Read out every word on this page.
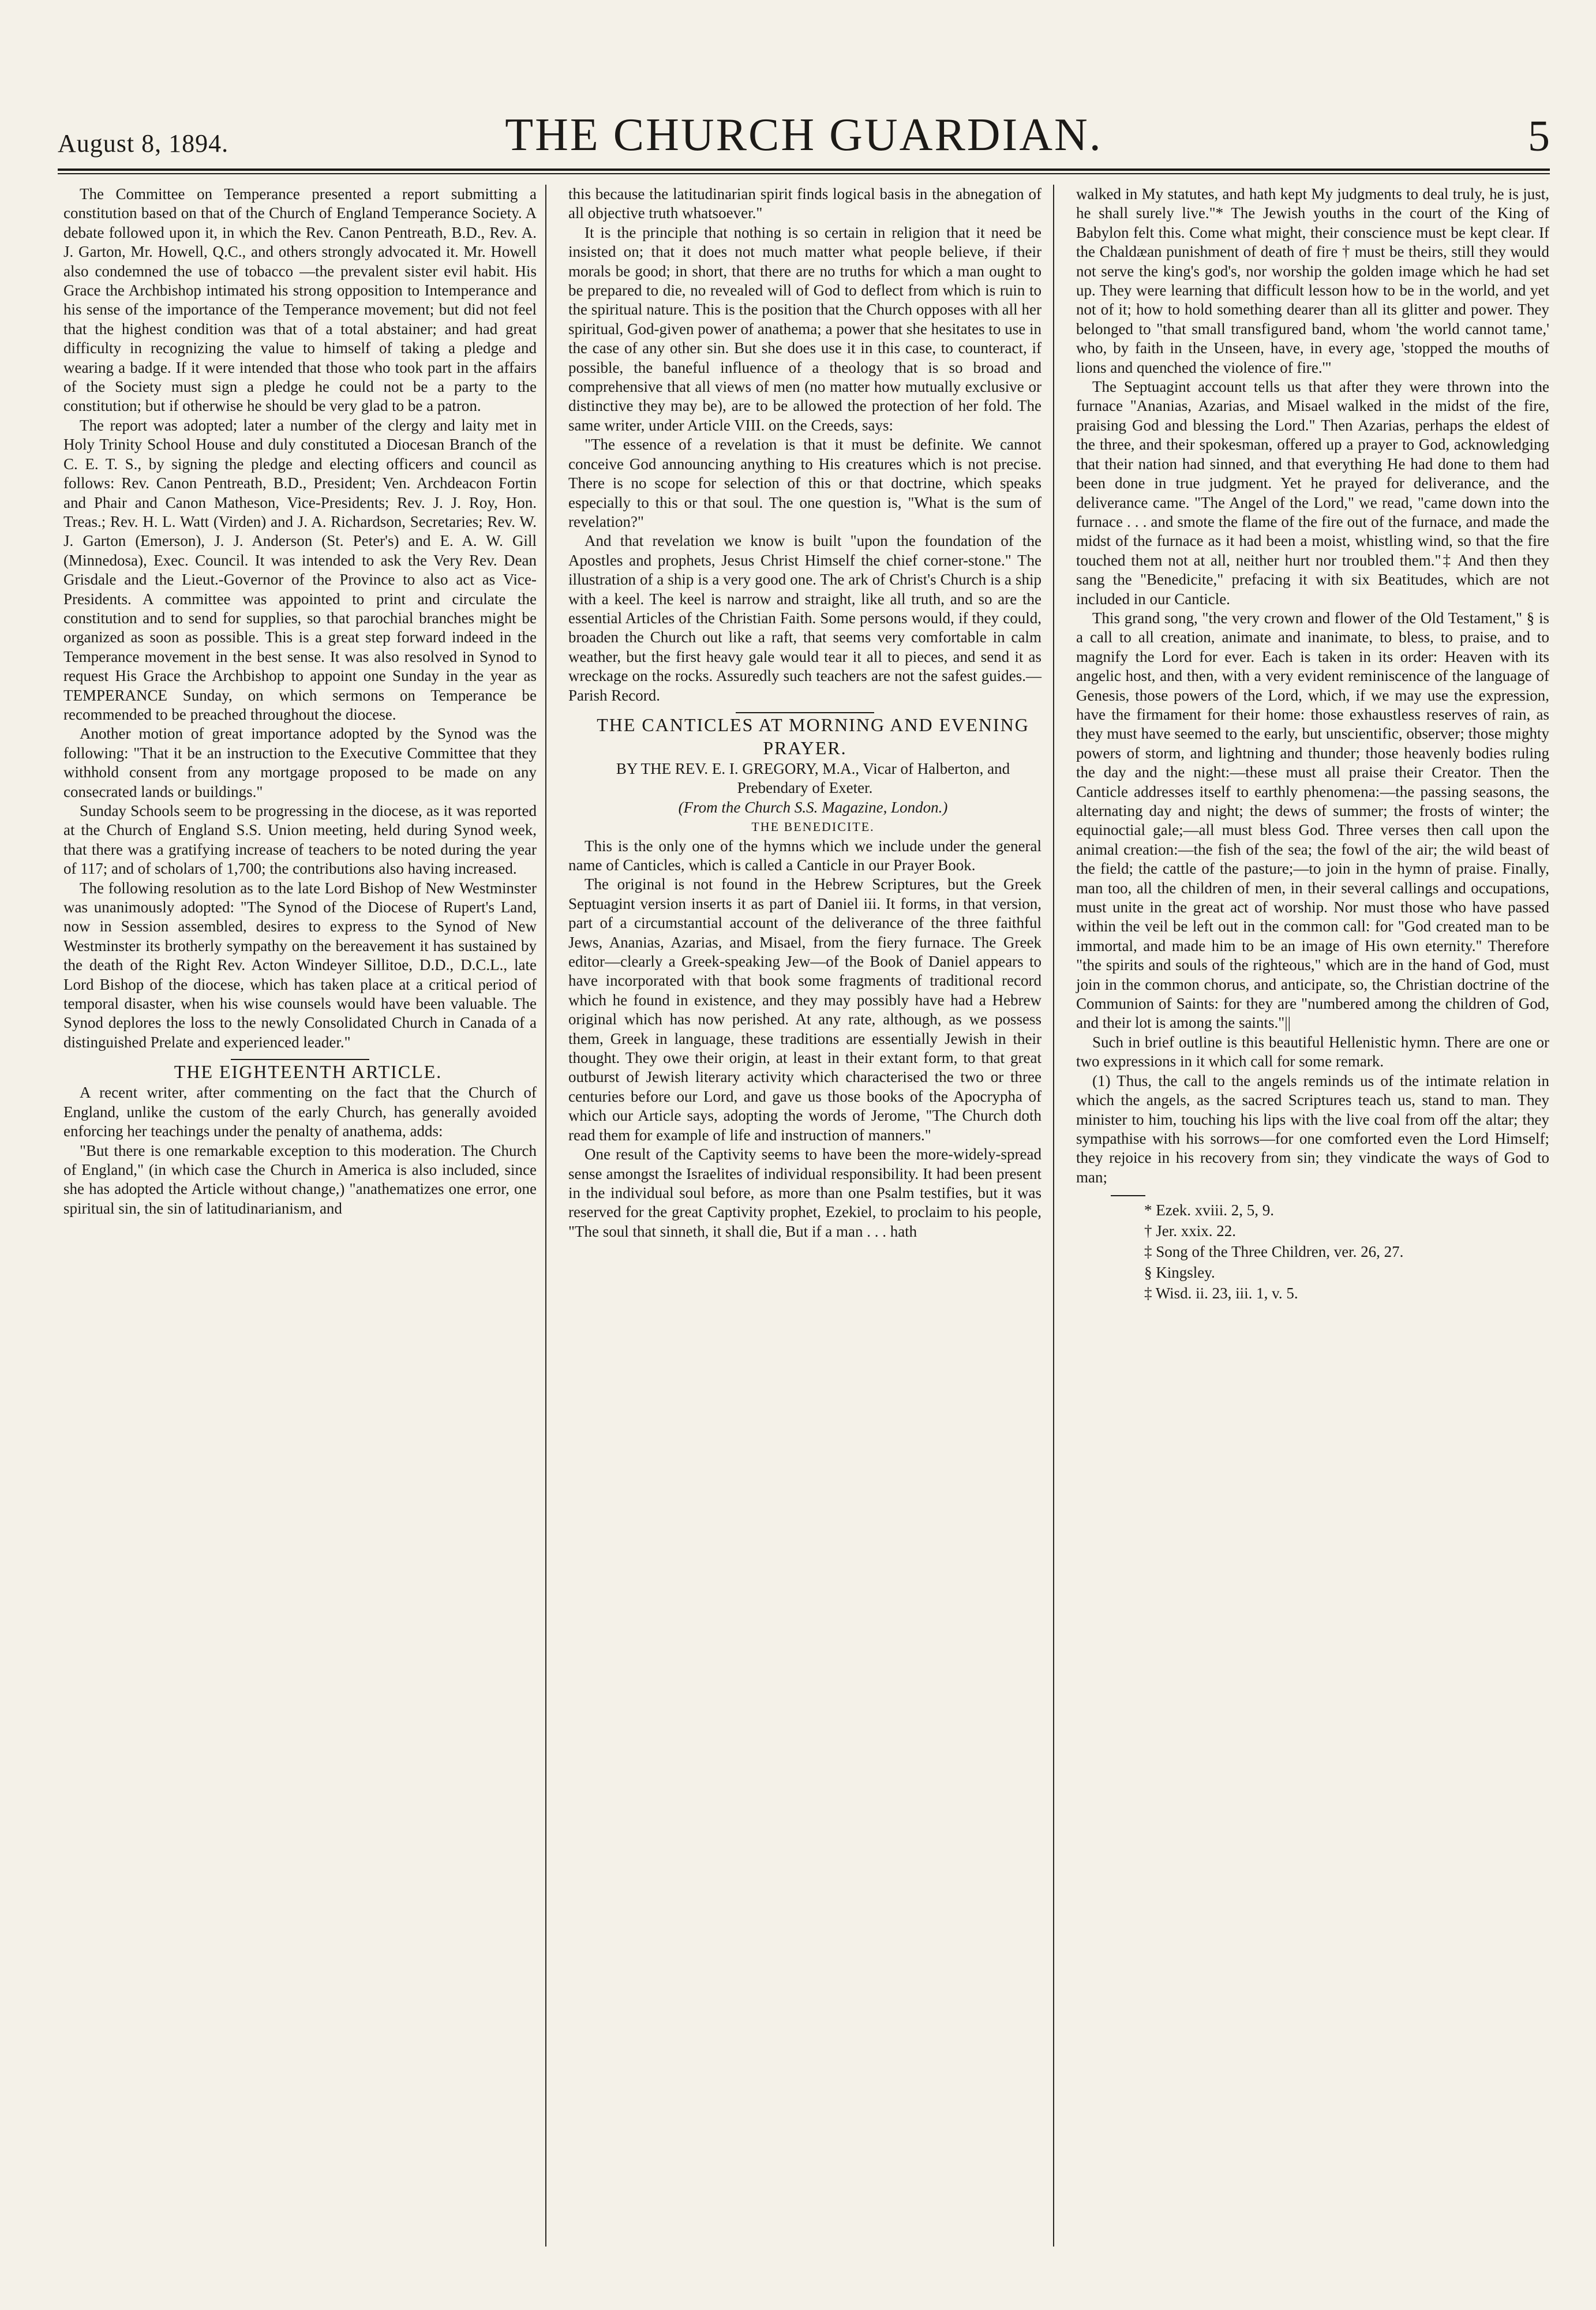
August 8, 1894.	THE CHURCH GUARDIAN.	5

The Committee on Temperance presented a report submitting a constitution based on that of the Church of England Temperance Society. A debate followed upon it, in which the Rev. Canon Pentreath, B.D., Rev. A. J. Garton, Mr. Howell, Q.C., and others strongly advocated it. Mr. Howell also condemned the use of tobacco —the prevalent sister evil habit. His Grace the Archbishop intimated his strong opposition to Intemperance and his sense of the importance of the Temperance movement; but did not feel that the highest condition was that of a total abstainer; and had great difficulty in recognizing the value to himself of taking a pledge and wearing a badge. If it were intended that those who took part in the affairs of the Society must sign a pledge he could not be a party to the constitution; but if otherwise he should be very glad to be a patron.

The report was adopted; later a number of the clergy and laity met in Holy Trinity School House and duly constituted a Diocesan Branch of the C. E. T. S., by signing the pledge and electing officers and council as follows: Rev. Canon Pentreath, B.D., President; Ven. Archdeacon Fortin and Phair and Canon Matheson, Vice-Presidents; Rev. J. J. Roy, Hon. Treas.; Rev. H. L. Watt (Virden) and J. A. Richardson, Secretaries; Rev. W. J. Garton (Emerson), J. J. Anderson (St. Peter's) and E. A. W. Gill (Minnedosa), Exec. Council. It was intended to ask the Very Rev. Dean Grisdale and the Lieut.-Governor of the Province to also act as Vice-Presidents. A committee was appointed to print and circulate the constitution and to send for supplies, so that parochial branches might be organized as soon as possible. This is a great step forward indeed in the Temperance movement in the best sense. It was also resolved in Synod to request His Grace the Archbishop to appoint one Sunday in the year as TEMPERANCE Sunday, on which sermons on Temperance be recommended to be preached throughout the diocese.

Another motion of great importance adopted by the Synod was the following: "That it be an instruction to the Executive Committee that they withhold consent from any mortgage proposed to be made on any consecrated lands or buildings."

Sunday Schools seem to be progressing in the diocese, as it was reported at the Church of England S.S. Union meeting, held during Synod week, that there was a gratifying increase of teachers to be noted during the year of 117; and of scholars of 1,700; the contributions also having increased.

The following resolution as to the late Lord Bishop of New Westminster was unanimously adopted: "The Synod of the Diocese of Rupert's Land, now in Session assembled, desires to express to the Synod of New Westminster its brotherly sympathy on the bereavement it has sustained by the death of the Right Rev. Acton Windeyer Sillitoe, D.D., D.C.L., late Lord Bishop of the diocese, which has taken place at a critical period of temporal disaster, when his wise counsels would have been valuable. The Synod deplores the loss to the newly Consolidated Church in Canada of a distinguished Prelate and experienced leader."

THE EIGHTEENTH ARTICLE.

A recent writer, after commenting on the fact that the Church of England, unlike the custom of the early Church, has generally avoided enforcing her teachings under the penalty of anathema, adds:

"But there is one remarkable exception to this moderation. The Church of England," (in which case the Church in America is also included, since she has adopted the Article without change,) "anathematizes one error, one spiritual sin, the sin of latitudinarianism, and

this because the latitudinarian spirit finds logical basis in the abnegation of all objective truth whatsoever."

It is the principle that nothing is so certain in religion that it need be insisted on; that it does not much matter what people believe, if their morals be good; in short, that there are no truths for which a man ought to be prepared to die, no revealed will of God to deflect from which is ruin to the spiritual nature. This is the position that the Church opposes with all her spiritual, God-given power of anathema; a power that she hesitates to use in the case of any other sin. But she does use it in this case, to counteract, if possible, the baneful influence of a theology that is so broad and comprehensive that all views of men (no matter how mutually exclusive or distinctive they may be), are to be allowed the protection of her fold. The same writer, under Article VIII. on the Creeds, says:

"The essence of a revelation is that it must be definite. We cannot conceive God announcing anything to His creatures which is not precise. There is no scope for selection of this or that doctrine, which speaks especially to this or that soul. The one question is, "What is the sum of revelation?"

And that revelation we know is built "upon the foundation of the Apostles and prophets, Jesus Christ Himself the chief corner-stone." The illustration of a ship is a very good one. The ark of Christ's Church is a ship with a keel. The keel is narrow and straight, like all truth, and so are the essential Articles of the Christian Faith. Some persons would, if they could, broaden the Church out like a raft, that seems very comfortable in calm weather, but the first heavy gale would tear it all to pieces, and send it as wreckage on the rocks. Assuredly such teachers are not the safest guides.—Parish Record.

THE CANTICLES AT MORNING AND EVENING PRAYER.

BY THE REV. E. I. GREGORY, M.A., Vicar of Halberton, and Prebendary of Exeter.

(From the Church S.S. Magazine, London.)

THE BENEDICITE.

This is the only one of the hymns which we include under the general name of Canticles, which is called a Canticle in our Prayer Book.

The original is not found in the Hebrew Scriptures, but the Greek Septuagint version inserts it as part of Daniel iii. It forms, in that version, part of a circumstantial account of the deliverance of the three faithful Jews, Ananias, Azarias, and Misael, from the fiery furnace. The Greek editor—clearly a Greek-speaking Jew—of the Book of Daniel appears to have incorporated with that book some fragments of traditional record which he found in existence, and they may possibly have had a Hebrew original which has now perished. At any rate, although, as we possess them, Greek in language, these traditions are essentially Jewish in their thought. They owe their origin, at least in their extant form, to that great outburst of Jewish literary activity which characterised the two or three centuries before our Lord, and gave us those books of the Apocrypha of which our Article says, adopting the words of Jerome, "The Church doth read them for example of life and instruction of manners."

One result of the Captivity seems to have been the more-widely-spread sense amongst the Israelites of individual responsibility. It had been present in the individual soul before, as more than one Psalm testifies, but it was reserved for the great Captivity prophet, Ezekiel, to proclaim to his people, "The soul that sinneth, it shall die, But if a man . . . hath

walked in My statutes, and hath kept My judgments to deal truly, he is just, he shall surely live."* The Jewish youths in the court of the King of Babylon felt this. Come what might, their conscience must be kept clear. If the Chaldæan punishment of death of fire † must be theirs, still they would not serve the king's god's, nor worship the golden image which he had set up. They were learning that difficult lesson how to be in the world, and yet not of it; how to hold something dearer than all its glitter and power. They belonged to "that small transfigured band, whom 'the world cannot tame,' who, by faith in the Unseen, have, in every age, 'stopped the mouths of lions and quenched the violence of fire.'"

The Septuagint account tells us that after they were thrown into the furnace "Ananias, Azarias, and Misael walked in the midst of the fire, praising God and blessing the Lord." Then Azarias, perhaps the eldest of the three, and their spokesman, offered up a prayer to God, acknowledging that their nation had sinned, and that everything He had done to them had been done in true judgment. Yet he prayed for deliverance, and the deliverance came. "The Angel of the Lord," we read, "came down into the furnace . . . and smote the flame of the fire out of the furnace, and made the midst of the furnace as it had been a moist, whistling wind, so that the fire touched them not at all, neither hurt nor troubled them."‡ And then they sang the "Benedicite," prefacing it with six Beatitudes, which are not included in our Canticle.

This grand song, "the very crown and flower of the Old Testament," § is a call to all creation, animate and inanimate, to bless, to praise, and to magnify the Lord for ever. Each is taken in its order: Heaven with its angelic host, and then, with a very evident reminiscence of the language of Genesis, those powers of the Lord, which, if we may use the expression, have the firmament for their home: those exhaustless reserves of rain, as they must have seemed to the early, but unscientific, observer; those mighty powers of storm, and lightning and thunder; those heavenly bodies ruling the day and the night:—these must all praise their Creator. Then the Canticle addresses itself to earthly phenomena:—the passing seasons, the alternating day and night; the dews of summer; the frosts of winter; the equinoctial gale;—all must bless God. Three verses then call upon the animal creation:—the fish of the sea; the fowl of the air; the wild beast of the field; the cattle of the pasture;—to join in the hymn of praise. Finally, man too, all the children of men, in their several callings and occupations, must unite in the great act of worship. Nor must those who have passed within the veil be left out in the common call: for "God created man to be immortal, and made him to be an image of His own eternity." Therefore "the spirits and souls of the righteous," which are in the hand of God, must join in the common chorus, and anticipate, so, the Christian doctrine of the Communion of Saints: for they are "numbered among the children of God, and their lot is among the saints."||

Such in brief outline is this beautiful Hellenistic hymn. There are one or two expressions in it which call for some remark.

(1) Thus, the call to the angels reminds us of the intimate relation in which the angels, as the sacred Scriptures teach us, stand to man. They minister to him, touching his lips with the live coal from off the altar; they sympathise with his sorrows—for one comforted even the Lord Himself; they rejoice in his recovery from sin; they vindicate the ways of God to man;

* Ezek. xviii. 2, 5, 9.

† Jer. xxix. 22.

‡ Song of the Three Children, ver. 26, 27.

§ Kingsley.

‡ Wisd. ii. 23, iii. 1, v. 5.
